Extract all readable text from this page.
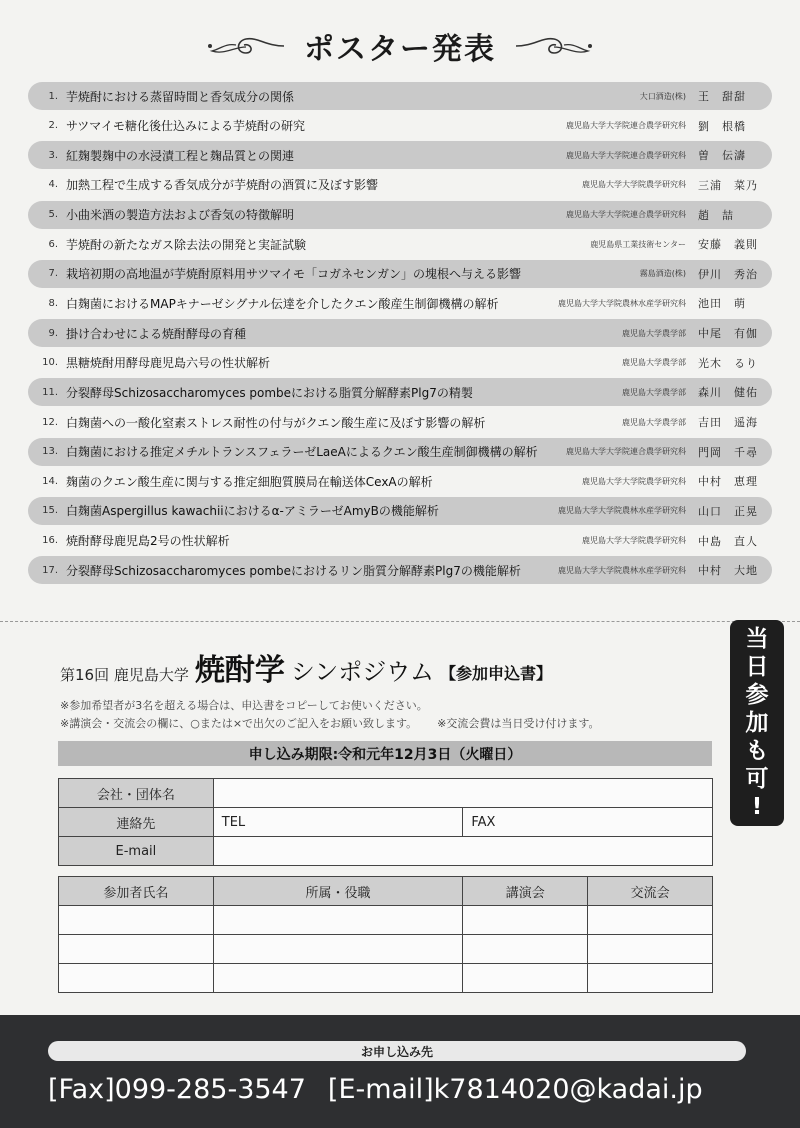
ポスター発表
1. 芋焼酎における蒸留時間と香気成分の関係	大口酒造(株)	王　甜甜
2. サツマイモ糖化後仕込みによる芋焼酎の研究	鹿児島大学大学院連合農学研究科	劉　根橋
3. 紅麹製麹中の水浸漬工程と麹品質との関連	鹿児島大学大学院連合農学研究科	曽　伝濤
4. 加熱工程で生成する香気成分が芋焼酎の酒質に及ぼす影響	鹿児島大学大学院農学研究科	三浦　菜乃
5. 小曲米酒の製造方法および香気の特徴解明	鹿児島大学大学院連合農学研究科	趙　喆
6. 芋焼酎の新たなガス除去法の開発と実証試験	鹿児島県工業技術センター	安藤　義則
7. 栽培初期の高地温が芋焼酎原料用サツマイモ「コガネセンガン」の塊根へ与える影響	霧島酒造(株)	伊川　秀治
8. 白麹菌におけるMAPキナーゼシグナル伝達を介したクエン酸産生制御機構の解析	鹿児島大学大学院農林水産学研究科	池田　萌
9. 掛け合わせによる焼酎酵母の育種	鹿児島大学農学部	中尾　有伽
10. 黒糖焼酎用酵母鹿児島六号の性状解析	鹿児島大学農学部	光木　るり
11. 分裂酵母Schizosaccharomyces pombeにおける脂質分解酵素Plg7の精製	鹿児島大学農学部	森川　健佑
12. 白麹菌への一酸化窒素ストレス耐性の付与がクエン酸生産に及ぼす影響の解析	鹿児島大学農学部	吉田　遥海
13. 白麹菌における推定メチルトランスフェラーゼLaeAによるクエン酸生産制御機構の解析	鹿児島大学大学院連合農学研究科	門岡　千尋
14. 麹菌のクエン酸生産に関与する推定細胞質膜局在輸送体CexAの解析	鹿児島大学大学院農学研究科	中村　恵理
15. 白麹菌Aspergillus kawachiiにおけるα-アミラーゼAmyBの機能解析	鹿児島大学大学院農林水産学研究科	山口　正晃
16. 焼酎酵母鹿児島2号の性状解析	鹿児島大学大学院農学研究科	中島　直人
17. 分裂酵母Schizosaccharomyces pombeにおけるリン脂質分解酵素Plg7の機能解析	鹿児島大学大学院農林水産学研究科	中村　大地
当
日
参
加
も
可
!
第16回 鹿児島大学 焼酎学 シンポジウム 【参加申込書】
※参加希望者が3名を超える場合は、申込書をコピーしてお使いください。
※講演会・交流会の欄に、○または×で出欠のご記入をお願い致します。 ※交流会費は当日受け付けます。
申し込み期限:令和元年12月3日（火曜日）
会社・団体名		
連絡先	TEL	FAX
E-mail		
参加者氏名	所属・役職	講演会	交流会

お申し込み先
[Fax]099-285-3547 [E-mail]k7814020@kadai.jp
